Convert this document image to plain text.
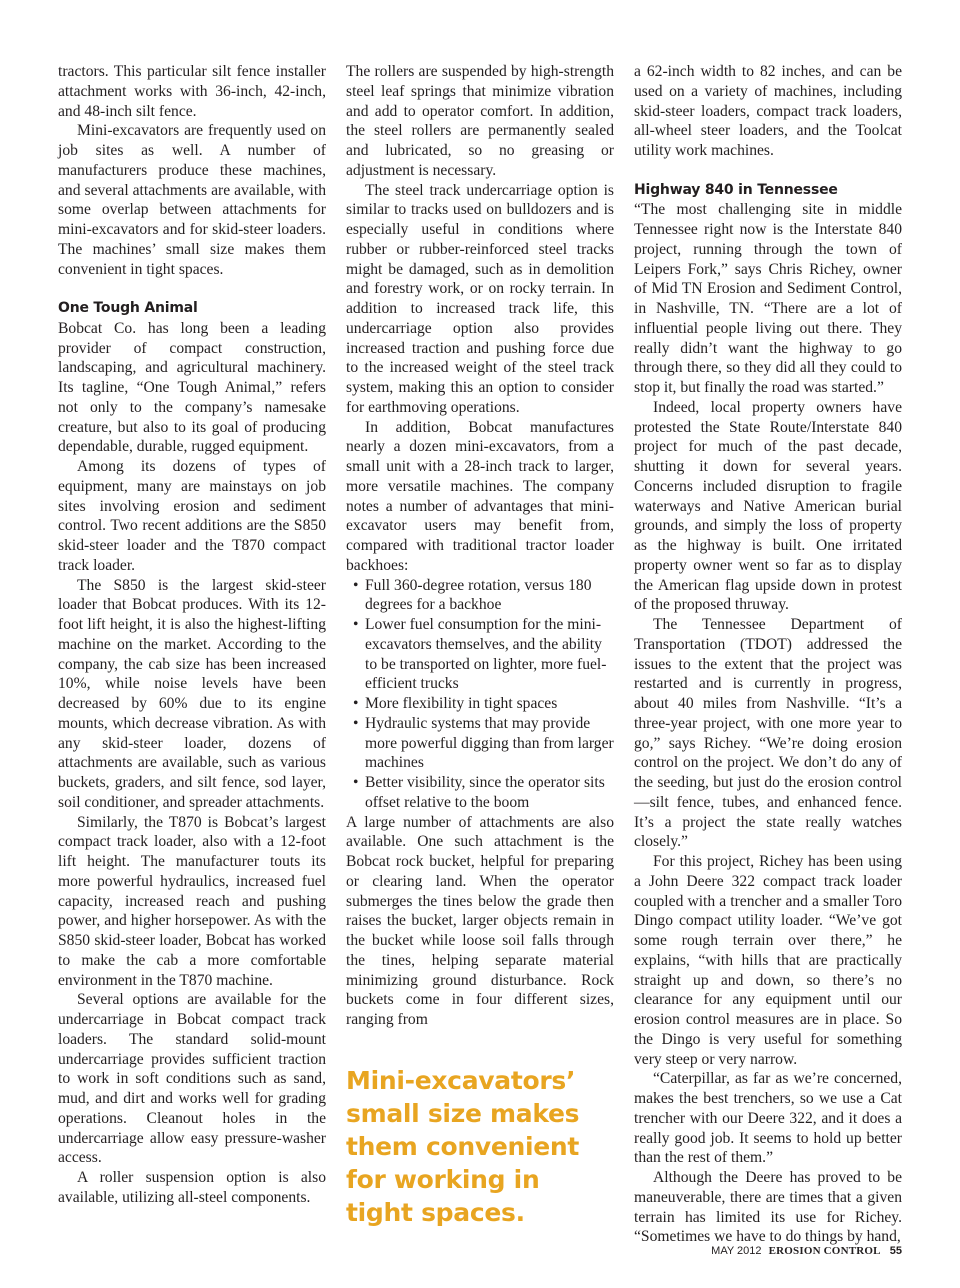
tractors. This particular silt fence installer attachment works with 36-inch, 42-inch, and 48-inch silt fence.

Mini-excavators are frequently used on job sites as well. A number of manufacturers produce these machines, and several attachments are available, with some overlap between attachments for mini-excavators and for skid-steer loaders. The machines’ small size makes them convenient in tight spaces.

One Tough Animal

Bobcat Co. has long been a leading provider of compact construction, landscaping, and agricultural machinery. Its tagline, “One Tough Animal,” refers not only to the company’s namesake creature, but also to its goal of producing dependable, durable, rugged equipment.

Among its dozens of types of equipment, many are mainstays on job sites involving erosion and sediment control. Two recent additions are the S850 skid-steer loader and the T870 compact track loader.

The S850 is the largest skid-steer loader that Bobcat produces. With its 12-foot lift height, it is also the highest-lifting machine on the market. According to the company, the cab size has been increased 10%, while noise levels have been decreased by 60% due to its engine mounts, which decrease vibration. As with any skid-steer loader, dozens of attachments are available, such as various buckets, graders, and silt fence, sod layer, soil conditioner, and spreader attachments.

Similarly, the T870 is Bobcat’s largest compact track loader, also with a 12-foot lift height. The manufacturer touts its more powerful hydraulics, increased fuel capacity, increased reach and pushing power, and higher horsepower. As with the S850 skid-steer loader, Bobcat has worked to make the cab a more comfortable environment in the T870 machine.

Several options are available for the undercarriage in Bobcat compact track loaders. The standard solid-mount undercarriage provides sufficient traction to work in soft conditions such as sand, mud, and dirt and works well for grading operations. Cleanout holes in the undercarriage allow easy pressure-washer access.

A roller suspension option is also available, utilizing all-steel components.

The rollers are suspended by high-strength steel leaf springs that minimize vibration and add to operator comfort. In addition, the steel rollers are permanently sealed and lubricated, so no greasing or adjustment is necessary.

The steel track undercarriage option is similar to tracks used on bulldozers and is especially useful in conditions where rubber or rubber-reinforced steel tracks might be damaged, such as in demolition and forestry work, or on rocky terrain. In addition to increased track life, this undercarriage option also provides increased traction and pushing force due to the increased weight of the steel track system, making this an option to consider for earthmoving operations.

In addition, Bobcat manufactures nearly a dozen mini-excavators, from a small unit with a 28-inch track to larger, more versatile machines. The company notes a number of advantages that mini-excavator users may benefit from, compared with traditional tractor loader backhoes:

• Full 360-degree rotation, versus 180 degrees for a backhoe
• Lower fuel consumption for the mini-excavators themselves, and the ability to be transported on lighter, more fuel-efficient trucks
• More flexibility in tight spaces
• Hydraulic systems that may provide more powerful digging than from larger machines
• Better visibility, since the operator sits offset relative to the boom

A large number of attachments are also available. One such attachment is the Bobcat rock bucket, helpful for preparing or clearing land. When the operator submerges the tines below the grade then raises the bucket, larger objects remain in the bucket while loose soil falls through the tines, helping separate material minimizing ground disturbance. Rock buckets come in four different sizes, ranging from

Mini-excavators’ small size makes them convenient for working in tight spaces.

a 62-inch width to 82 inches, and can be used on a variety of machines, including skid-steer loaders, compact track loaders, all-wheel steer loaders, and the Toolcat utility work machines.

Highway 840 in Tennessee

“The most challenging site in middle Tennessee right now is the Interstate 840 project, running through the town of Leipers Fork,” says Chris Richey, owner of Mid TN Erosion and Sediment Control, in Nashville, TN. “There are a lot of influential people living out there. They really didn’t want the highway to go through there, so they did all they could to stop it, but finally the road was started.”

Indeed, local property owners have protested the State Route/Interstate 840 project for much of the past decade, shutting it down for several years. Concerns included disruption to fragile waterways and Native American burial grounds, and simply the loss of property as the highway is built. One irritated property owner went so far as to display the American flag upside down in protest of the proposed thruway.

The Tennessee Department of Transportation (TDOT) addressed the issues to the extent that the project was restarted and is currently in progress, about 40 miles from Nashville. “It’s a three-year project, with one more year to go,” says Richey. “We’re doing erosion control on the project. We don’t do any of the seeding, but just do the erosion control—silt fence, tubes, and enhanced fence. It’s a project the state really watches closely.”

For this project, Richey has been using a John Deere 322 compact track loader coupled with a trencher and a smaller Toro Dingo compact utility loader. “We’ve got some rough terrain over there,” he explains, “with hills that are practically straight up and down, so there’s no clearance for any equipment until our erosion control measures are in place. So the Dingo is very useful for something very steep or very narrow.

“Caterpillar, as far as we’re concerned, makes the best trenchers, so we use a Cat trencher with our Deere 322, and it does a really good job. It seems to hold up better than the rest of them.”

Although the Deere has proved to be maneuverable, there are times that a given terrain has limited its use for Richey. “Sometimes we have to do things by hand,

MAY 2012 EROSION CONTROL 55
